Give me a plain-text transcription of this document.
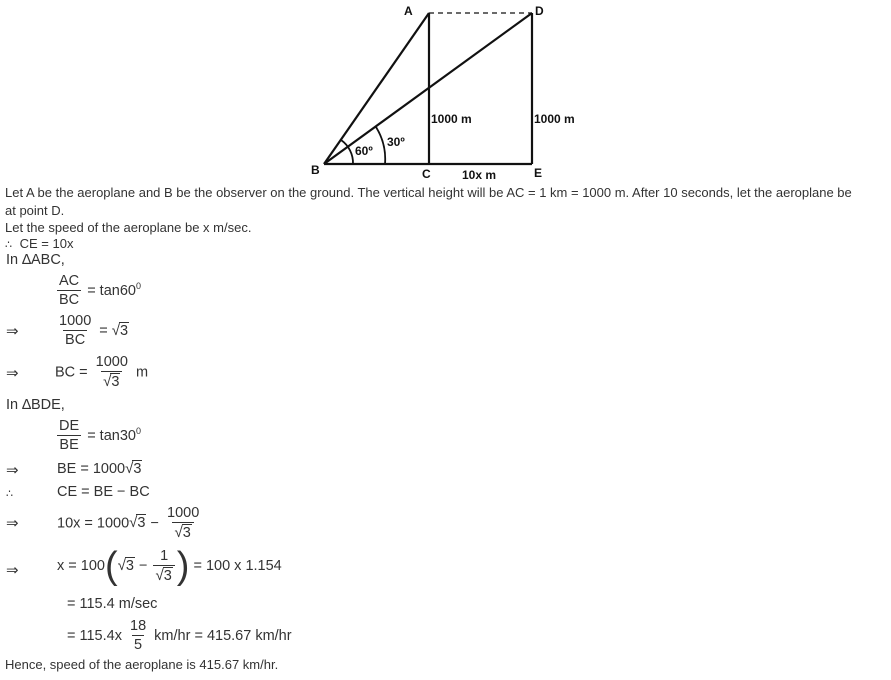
A	D
B	C	E
1000 m	1000 m
10x m
60º
30º
Let A be the aeroplane and B be the observer on the ground. The vertical height will be AC = 1 km = 1000 m. After 10 seconds, let the aeroplane be
at point D.
Let the speed of the aeroplane be x m/sec.
∴ CE = 10x
In ∆ABC,
$\frac{AC}{BC} = \tan 60^0$
⇒	$\frac{1000}{BC} = √3$
⇒	BC = $\frac{1000}{√3}$ m
In ∆BDE,
$\frac{DE}{BE} = \tan 30^0$
⇒	BE = 1000√3
∴	CE = BE − BC
⇒	$10x = 1000√3 - \frac{1000}{√3}$
⇒	$x = 100(√3 - \frac{1}{√3}$ ) = 100 x 1.154
= 115.4 m/sec
= $115.4x \frac{18}{5} km/hr = 415.67$ km/hr
Hence, speed of the aeroplane is 415.67 km/hr.
